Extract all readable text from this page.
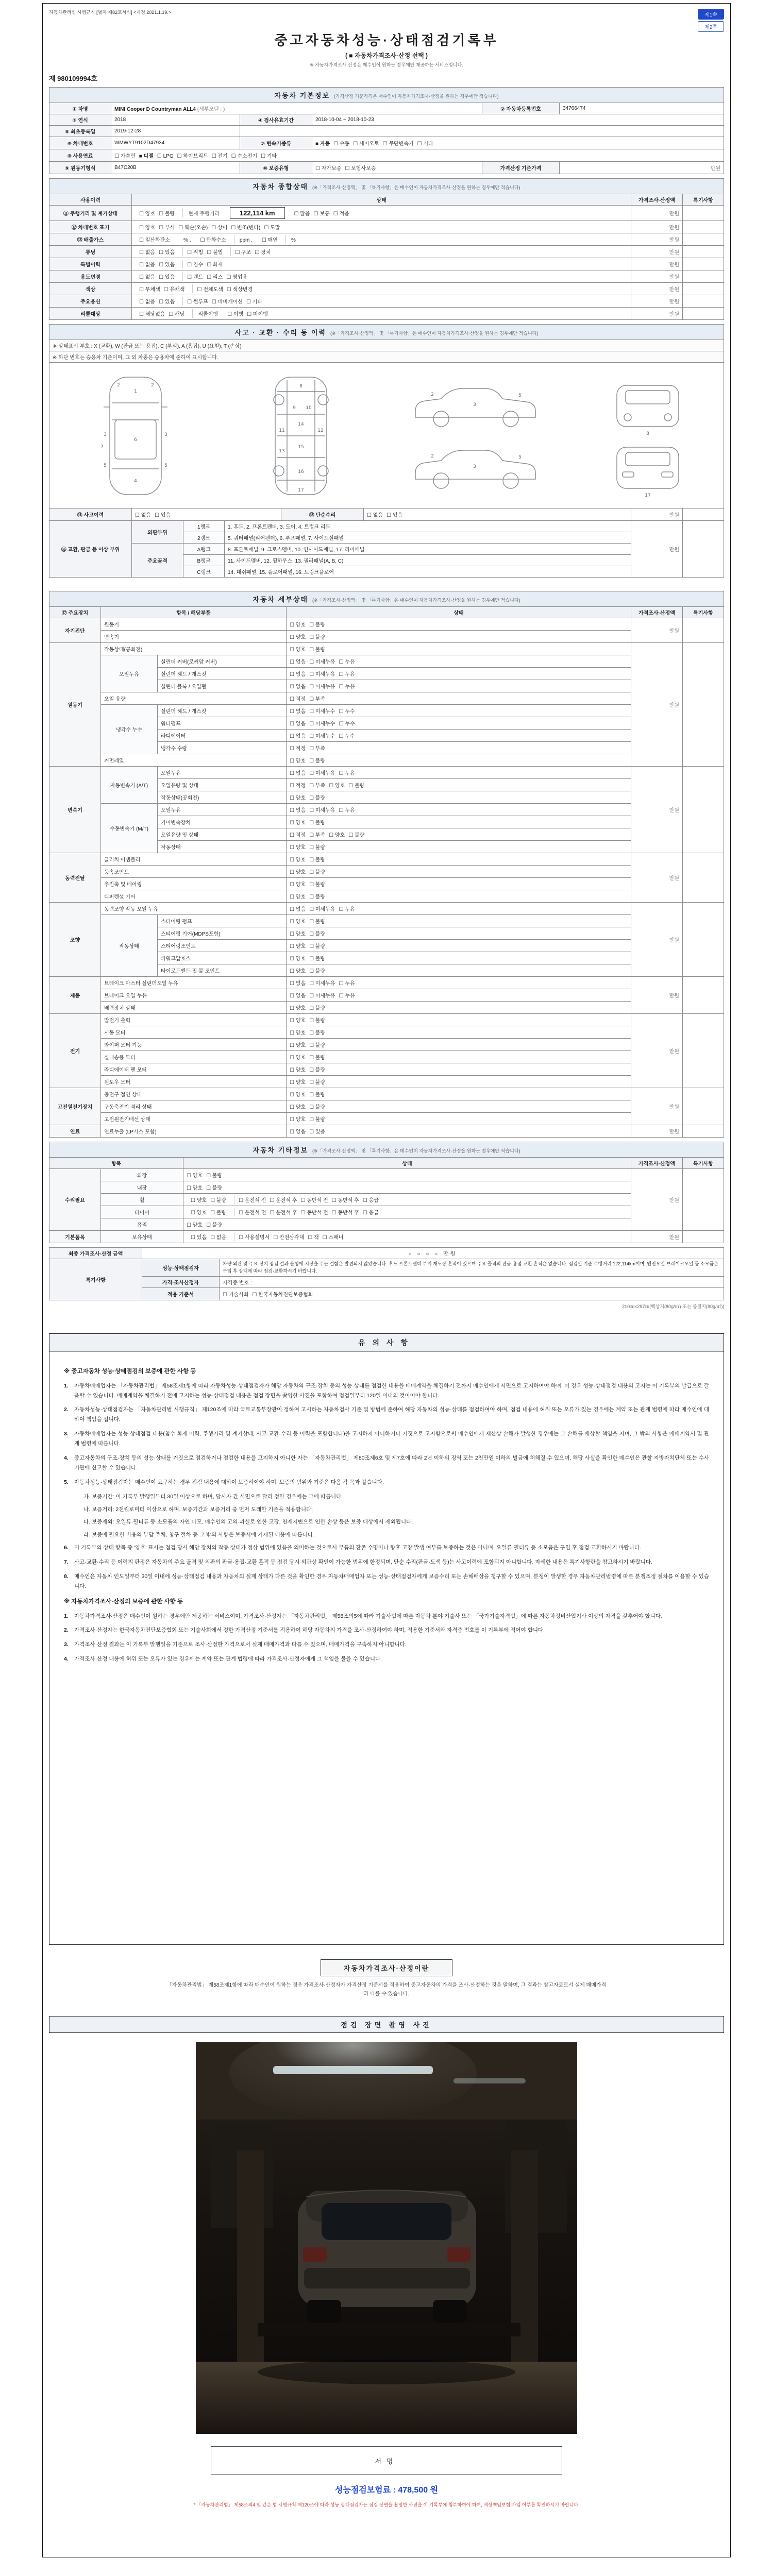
자동차관리법 시행규칙 [별지 제82호서식] <개정 2021.1.19.>	제1쪽
제2쪽
중고자동차성능·상태점검기록부
( ■ 자동차가격조사·산정 선택 )
※ 자동차가격조사·산정은 매수인이 원하는 경우에만 제공하는 서비스입니다.
제 980109994호
자동차 기본정보 (가격산정 기준가격은 매수인이 자동차가격조사·산정을 원하는 경우에만 적습니다)					
① 차명	MINI Cooper D Countryman ALL4 (세부모델 : )			② 자동차등록번호	34766474
③ 연식	2018	④ 검사유효기간	2018-10-04 ~ 2018-10-23		
⑤ 최초등록일	2019-12-28				
⑥ 차대번호	WMWYT9102D47934	⑦ 변속기종류	■ 자동 ☐ 수동 ☐ 세미오토 ☐ 무단변속기 ☐ 기타		
⑧ 사용연료	☐ 가솔린 ■ 디젤 ☐ LPG ☐ 하이브리드 ☐ 전기 ☐ 수소전기 ☐ 기타				
⑨ 원동기형식	B47C20B	⑩ 보증유형	☐ 자가보증 ☐ 보험사보증	가격산정 기준가격	만원
자동차 종합상태 (※「가격조사·산정액」 및 「특기사항」은 매수인이 자동차가격조사·산정을 원하는 경우에만 적습니다)			
사용이력	상태	가격조사·산정액	특기사항
⑪ 주행거리 및 계기상태	☐ 양호 ☐ 불량 현재 주행거리 122,114 km ☐ 많음 ☐ 보통 ☐ 적음	만원	
⑫ 차대번호 표기	☐ 양호 ☐ 부식 ☐ 훼손(오손) ☐ 상이 ☐ 변조(변타) ☐ 도말	만원	
⑬ 배출가스	☐ 일산화탄소 % , ☐ 탄화수소 ppm , ☐ 매연 %	만원	
튜닝	☐ 없음 ☐ 있음 ☐ 적법 ☐ 불법 ☐ 구조 ☐ 장치	만원	
특별이력	☐ 없음 ☐ 있음 ☐ 침수 ☐ 화재	만원	
용도변경	☐ 없음 ☐ 있음 ☐ 렌트 ☐ 리스 ☐ 영업용	만원	
색상	☐ 무채색 ☐ 유채색 ☐ 전체도색 ☐ 색상변경	만원	
주요옵션	☐ 없음 ☐ 있음 ☐ 썬루프 ☐ 네비게이션 ☐ 기타	만원	
리콜대상	☐ 해당없음 ☐ 해당 리콜이행 ☐ 이행 ☐ 미이행	만원	
사고 · 교환 · 수리 등 이력 (※「가격조사·산정액」 및 「특기사항」은 매수인이 자동차가격조사·산정을 원하는 경우에만 적습니다)
※ 상태표시 부호 : X (교환), W (판금 또는 용접), C (부식), A (흠집), U (요철), T (손상)
※ 하단 번호는 승용차 기준이며, 그 외 차종은 승용차에 준하여 표시합니다.

1
2	2
3	3
4
5	5
6
7
8
9 10
11	12
14
15
13
16
17
3
5
2
3
2	5
8
17
⑭ 사고이력	☐ 없음 ☐ 있음	⑮ 단순수리	☐ 없음 ☐ 있음	만원	
⑯ 교환, 판금 등 이상 부위	외판부위	1랭크	1. 후드, 2. 프론트펜더, 3. 도어, 4. 트렁크 리드	만원	
		2랭크	5. 쿼터패널(리어펜더), 6. 루프패널, 7. 사이드실패널		
	주요골격	A랭크	8. 프론트패널, 9. 크로스멤버, 10. 인사이드패널, 17. 리어패널		
		B랭크	11. 사이드멤버, 12. 휠하우스, 13. 필러패널(A, B, C)		
		C랭크	14. 대쉬패널, 15. 플로어패널, 16. 트렁크플로어		
자동차 세부상태 (※「가격조사·산정액」 및 「특기사항」은 매수인이 자동차가격조사·산정을 원하는 경우에만 적습니다)					
⑰ 주요장치	항목 / 해당부품		상태	가격조사·산정액	특기사항
자기진단	원동기		☐ 양호 ☐ 불량	만원	
	변속기		☐ 양호 ☐ 불량		
원동기	작동상태(공회전)		☐ 양호 ☐ 불량	만원	
	오일누유	실린더 커버(로커암 커버)	☐ 없음 ☐ 미세누유 ☐ 누유		
		실린더 헤드 / 개스킷	☐ 없음 ☐ 미세누유 ☐ 누유		
		실린더 블록 / 오일팬	☐ 없음 ☐ 미세누유 ☐ 누유		
	오일 유량		☐ 적정 ☐ 부족		
	냉각수 누수	실린더 헤드 / 개스킷	☐ 없음 ☐ 미세누수 ☐ 누수		
		워터펌프	☐ 없음 ☐ 미세누수 ☐ 누수		
		라디에이터	☐ 없음 ☐ 미세누수 ☐ 누수		
		냉각수 수량	☐ 적정 ☐ 부족		
	커먼레일		☐ 양호 ☐ 불량		
변속기	자동변속기 (A/T)	오일누유	☐ 없음 ☐ 미세누유 ☐ 누유	만원	
		오일유량 및 상태	☐ 적정 ☐ 부족 ☐ 양호 ☐ 불량		
		작동상태(공회전)	☐ 양호 ☐ 불량		
	수동변속기 (M/T)	오일누유	☐ 없음 ☐ 미세누유 ☐ 누유		
		기어변속장치	☐ 양호 ☐ 불량		
		오일유량 및 상태	☐ 적정 ☐ 부족 ☐ 양호 ☐ 불량		
		작동상태	☐ 양호 ☐ 불량		
동력전달	클러치 어셈블리		☐ 양호 ☐ 불량	만원	
	등속조인트		☐ 양호 ☐ 불량		
	추진축 및 베어링		☐ 양호 ☐ 불량		
	디퍼렌셜 기어		☐ 양호 ☐ 불량		
조향	동력조향 작동 오일 누유		☐ 없음 ☐ 미세누유 ☐ 누유	만원	
	작동상태	스티어링 펌프	☐ 양호 ☐ 불량		
		스티어링 기어(MDPS포함)	☐ 양호 ☐ 불량		
		스티어링조인트	☐ 양호 ☐ 불량		
		파워고압호스	☐ 양호 ☐ 불량		
		타이로드엔드 및 볼 조인트	☐ 양호 ☐ 불량		
제동	브레이크 마스터 실린더오일 누유		☐ 없음 ☐ 미세누유 ☐ 누유	만원	
	브레이크 오일 누유		☐ 없음 ☐ 미세누유 ☐ 누유		
	배력장치 상태		☐ 양호 ☐ 불량		
전기	발전기 출력		☐ 양호 ☐ 불량	만원	
	시동 모터		☐ 양호 ☐ 불량		
	와이퍼 모터 기능		☐ 양호 ☐ 불량		
	실내송풍 모터		☐ 양호 ☐ 불량		
	라디에이터 팬 모터		☐ 양호 ☐ 불량		
	윈도우 모터		☐ 양호 ☐ 불량		
고전원전기장치	충전구 절연 상태		☐ 양호 ☐ 불량	만원	
	구동축전지 격리 상태		☐ 양호 ☐ 불량		
	고전원전기배선 상태		☐ 양호 ☐ 불량		
연료	연료누출 (LP가스 포함)		☐ 없음 ☐ 있음	만원	
자동차 기타정보 (※「가격조사·산정액」 및 「특기사항」은 매수인이 자동차가격조사·산정을 원하는 경우에만 적습니다)				
항목		상태	가격조사·산정액	특기사항
수리필요	외장	☐ 양호 ☐ 불량	만원	
	내장	☐ 양호 ☐ 불량		
	휠	☐ 양호 ☐ 불량 ☐ 운전석 전 ☐ 운전석 후 ☐ 동반석 전 ☐ 동반석 후 ☐ 응급		
	타이어	☐ 양호 ☐ 불량 ☐ 운전석 전 ☐ 운전석 후 ☐ 동반석 전 ☐ 동반석 후 ☐ 응급		
	유리	☐ 양호 ☐ 불량		
기본품목	보유상태	☐ 있음 ☐ 없음 ☐ 사용설명서 ☐ 안전삼각대 ☐ 잭 ☐ 스패너	만원	
최종 가격조사·산정 금액	○ ○ ○ ○ 만원	
특기사항	성능·상태점검자	차량 외관 및 주요 장치 점검 결과 운행에 지장을 주는 결함은 발견되지 않았습니다. 후드·프론트펜더 부위 재도장 흔적이 있으며 주요 골격의 판금·용접·교환 흔적은 없습니다. 점검일 기준 주행거리 122,114km이며, 엔진오일·브레이크오일 등 소모품은 구입 후 상태에 따라 점검·교환하시기 바랍니다.
	가격·조사산정자	자격증 번호 :
	적용 기준서	☐ 기술사회 ☐ 한국자동차진단보증협회
210㎜×297㎜[백상지(80g/㎡) 또는 중질지(80g/㎡)]
유의사항
※ 중고자동차 성능·상태점검의 보증에 관한 사항 등
1.	자동차매매업자는 「자동차관리법」 제58조제1항에 따라 자동차성능·상태점검자가 해당 자동차의 구조·장치 등의 성능·상태를 점검한 내용을 매매계약을 체결하기 전까지 매수인에게 서면으로 고지하여야 하며, 이 경우 성능·상태점검 내용의 고지는 이 기록부의 발급으로 갈음할 수 있습니다. 매매계약을 체결하기 전에 고지하는 성능·상태점검 내용은 점검 장면을 촬영한 사진을 포함하여 점검일부터 120일 이내의 것이어야 합니다.
2.	자동차성능·상태점검자는 「자동차관리법 시행규칙」 제120조에 따라 국토교통부장관이 정하여 고시하는 자동차검사 기준 및 방법에 준하여 해당 자동차의 성능·상태를 점검하여야 하며, 점검 내용에 허위 또는 오류가 있는 경우에는 계약 또는 관계 법령에 따라 매수인에 대하여 책임을 집니다.
3.	자동차매매업자는 성능·상태점검 내용(침수·화재 이력, 주행거리 및 계기상태, 사고·교환·수리 등 이력을 포함합니다)을 고지하지 아니하거나 거짓으로 고지함으로써 매수인에게 재산상 손해가 발생한 경우에는 그 손해를 배상할 책임을 지며, 그 밖의 사항은 매매계약서 및 관계 법령에 따릅니다.
4.	중고자동차의 구조·장치 등의 성능·상태를 거짓으로 점검하거나 점검한 내용을 고지하지 아니한 자는 「자동차관리법」 제80조제6호 및 제7호에 따라 2년 이하의 징역 또는 2천만원 이하의 벌금에 처해질 수 있으며, 해당 사실을 확인한 매수인은 관할 지방자치단체 또는 수사기관에 신고할 수 있습니다.
5.	자동차성능·상태점검자는 매수인이 요구하는 경우 점검 내용에 대하여 보증하여야 하며, 보증의 범위와 기준은 다음 각 목과 같습니다.
가. 보증기간: 이 기록부 발행일부터 30일 이상으로 하며, 당사자 간 서면으로 달리 정한 경우에는 그에 따릅니다.
나. 보증거리: 2천킬로미터 이상으로 하며, 보증기간과 보증거리 중 먼저 도래한 기준을 적용합니다.
다. 보증제외: 오일류·필터류 등 소모품의 자연 마모, 매수인의 고의·과실로 인한 고장, 천재지변으로 인한 손상 등은 보증 대상에서 제외됩니다.
라. 보증에 필요한 비용의 부담 주체, 청구 절차 등 그 밖의 사항은 보증서에 기재된 내용에 따릅니다.
6.	이 기록부의 상태 항목 중 '양호' 표시는 점검 당시 해당 장치의 작동 상태가 정상 범위에 있음을 의미하는 것으로서 부품의 잔존 수명이나 향후 고장 발생 여부를 보증하는 것은 아니며, 오일류·필터류 등 소모품은 구입 후 점검·교환하시기 바랍니다.
7.	사고·교환·수리 등 이력의 판정은 자동차의 주요 골격 및 외판의 판금·용접·교환 흔적 등 점검 당시 외관상 확인이 가능한 범위에 한정되며, 단순 수리(판금·도색 등)는 사고이력에 포함되지 아니합니다. 자세한 내용은 특기사항란을 참고하시기 바랍니다.
8.	매수인은 자동차 인도일부터 30일 이내에 성능·상태점검 내용과 자동차의 실제 상태가 다른 것을 확인한 경우 자동차매매업자 또는 성능·상태점검자에게 보증수리 또는 손해배상을 청구할 수 있으며, 분쟁이 발생한 경우 자동차관리법령에 따른 분쟁조정 절차를 이용할 수 있습니다.
※ 자동차가격조사·산정의 보증에 관한 사항 등
1.	자동차가격조사·산정은 매수인이 원하는 경우에만 제공하는 서비스이며, 가격조사·산정자는 「자동차관리법」 제58조의5에 따라 기술사법에 따른 자동차 분야 기술사 또는 「국가기술자격법」에 따른 자동차정비산업기사 이상의 자격을 갖추어야 합니다.
2.	가격조사·산정자는 한국자동차진단보증협회 또는 기술사회에서 정한 가격산정 기준서를 적용하여 해당 자동차의 가격을 조사·산정하여야 하며, 적용한 기준서와 자격증 번호를 이 기록부에 적어야 합니다.
3.	가격조사·산정 결과는 이 기록부 발행일을 기준으로 조사·산정한 가격으로서 실제 매매가격과 다를 수 있으며, 매매가격을 구속하지 아니합니다.
4.	가격조사·산정 내용에 허위 또는 오류가 있는 경우에는 계약 또는 관계 법령에 따라 가격조사·산정자에게 그 책임을 물을 수 있습니다.
자동차가격조사·산정이란
「자동차관리법」 제58조제1항에 따라 매수인이 원하는 경우 가격조사·산정자가 가격산정 기준서를 적용하여 중고자동차의 가격을 조사·산정하는 것을 말하며, 그 결과는 참고자료로서 실제 매매가격과 다를 수 있습니다.
점검 장면 촬영 사진
서명
성능점검보험료 : 478,500 원
* 「자동차관리법」 제58조의4 및 같은 법 시행규칙 제120조에 따라 성능·상태점검자는 점검 장면을 촬영한 사진을 이 기록부에 첨부하여야 하며, 배상책임보험 가입 여부를 확인하시기 바랍니다.
